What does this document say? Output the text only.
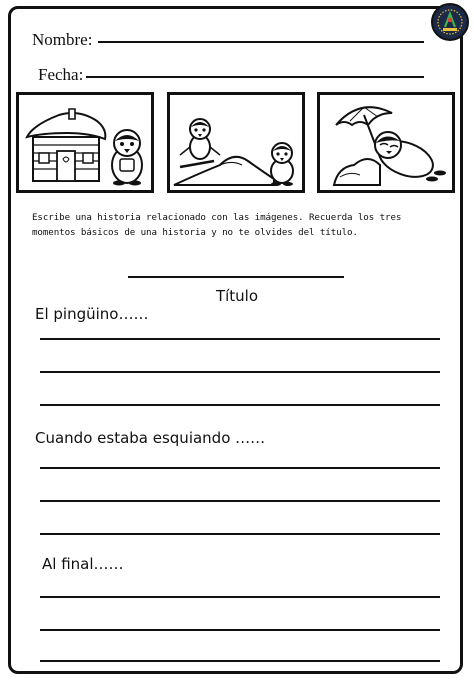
Nombre:
Fecha:
Escribe una historia relacionado con las imágenes. Recuerda los tres
momentos básicos de una historia y no te olvides del título.
Título
El pingüino……
Cuando estaba esquiando ……
Al final……
